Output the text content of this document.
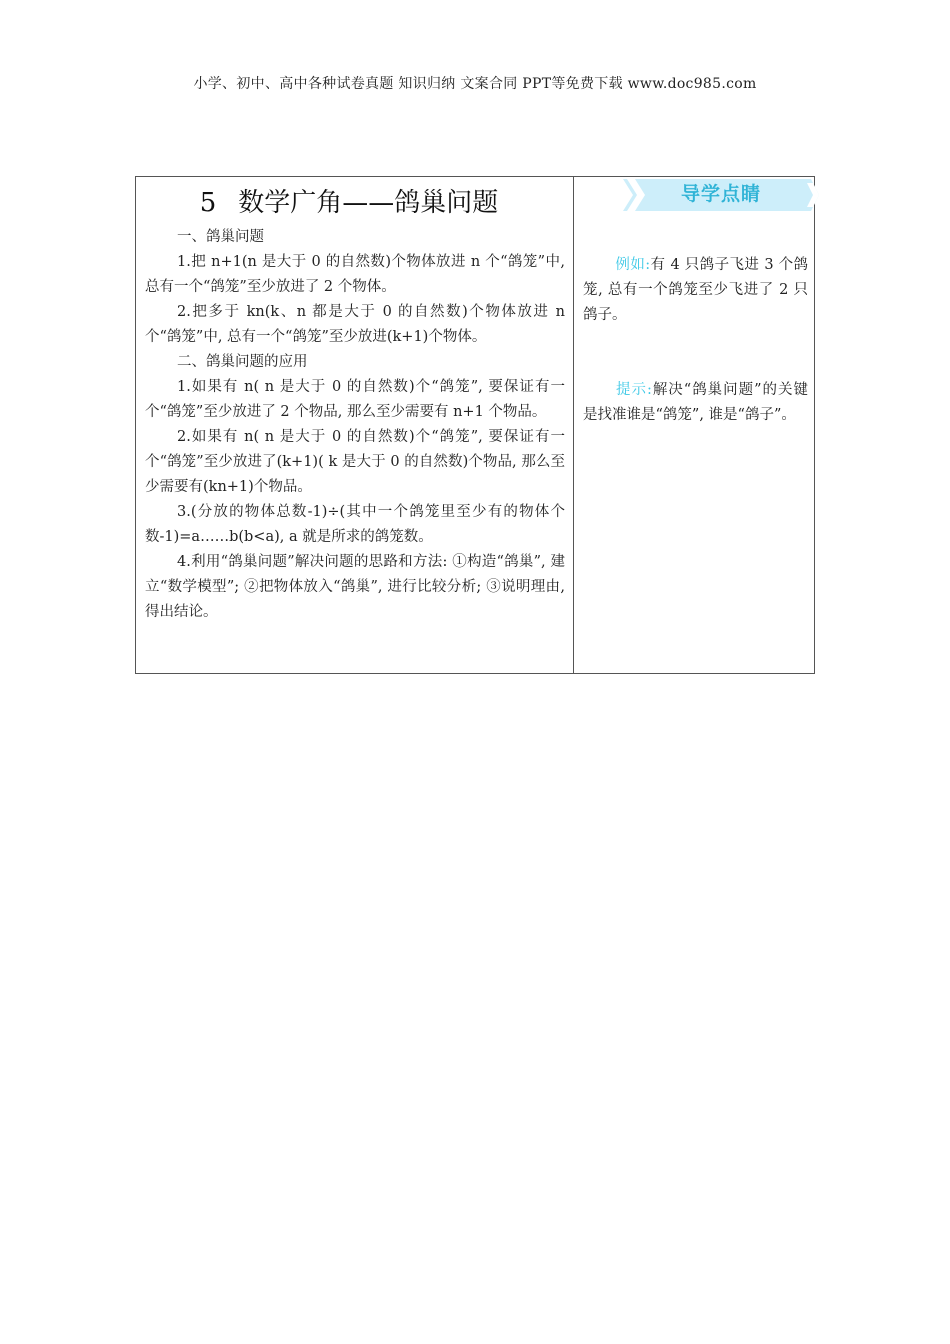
小学、初中、高中各种试卷真题 知识归纳 文案合同 PPT等免费下载 www.doc985.com
5 数学广角——鸽巢问题

一、鸽巢问题

1.把 n+1(n 是大于 0 的自然数)个物体放进 n 个“鸽笼”中, 总有一个“鸽笼”至少放进了 2 个物体。

2.把多于 kn(k、n 都是大于 0 的自然数)个物体放进 n 个“鸽笼”中, 总有一个“鸽笼”至少放进(k+1)个物体。

二、鸽巢问题的应用

1.如果有 n( n 是大于 0 的自然数)个“鸽笼”, 要保证有一个“鸽笼”至少放进了 2 个物品, 那么至少需要有 n+1 个物品。

2.如果有 n( n 是大于 0 的自然数)个“鸽笼”, 要保证有一个“鸽笼”至少放进了(k+1)( k 是大于 0 的自然数)个物品, 那么至少需要有(kn+1)个物品。

3.(分放的物体总数-1)÷(其中一个鸽笼里至少有的物体个数-1)=a……b(b<a), a 就是所求的鸽笼数。

4.利用“鸽巢问题”解决问题的思路和方法: ①构造“鸽巢”, 建立“数学模型”; ②把物体放入“鸽巢”, 进行比较分析; ③说明理由, 得出结论。

导学点睛
例如:有 4 只鸽子飞进 3 个鸽笼, 总有一个鸽笼至少飞进了 2 只鸽子。
提示:解决“鸽巢问题”的关键是找准谁是“鸽笼”, 谁是“鸽子”。
